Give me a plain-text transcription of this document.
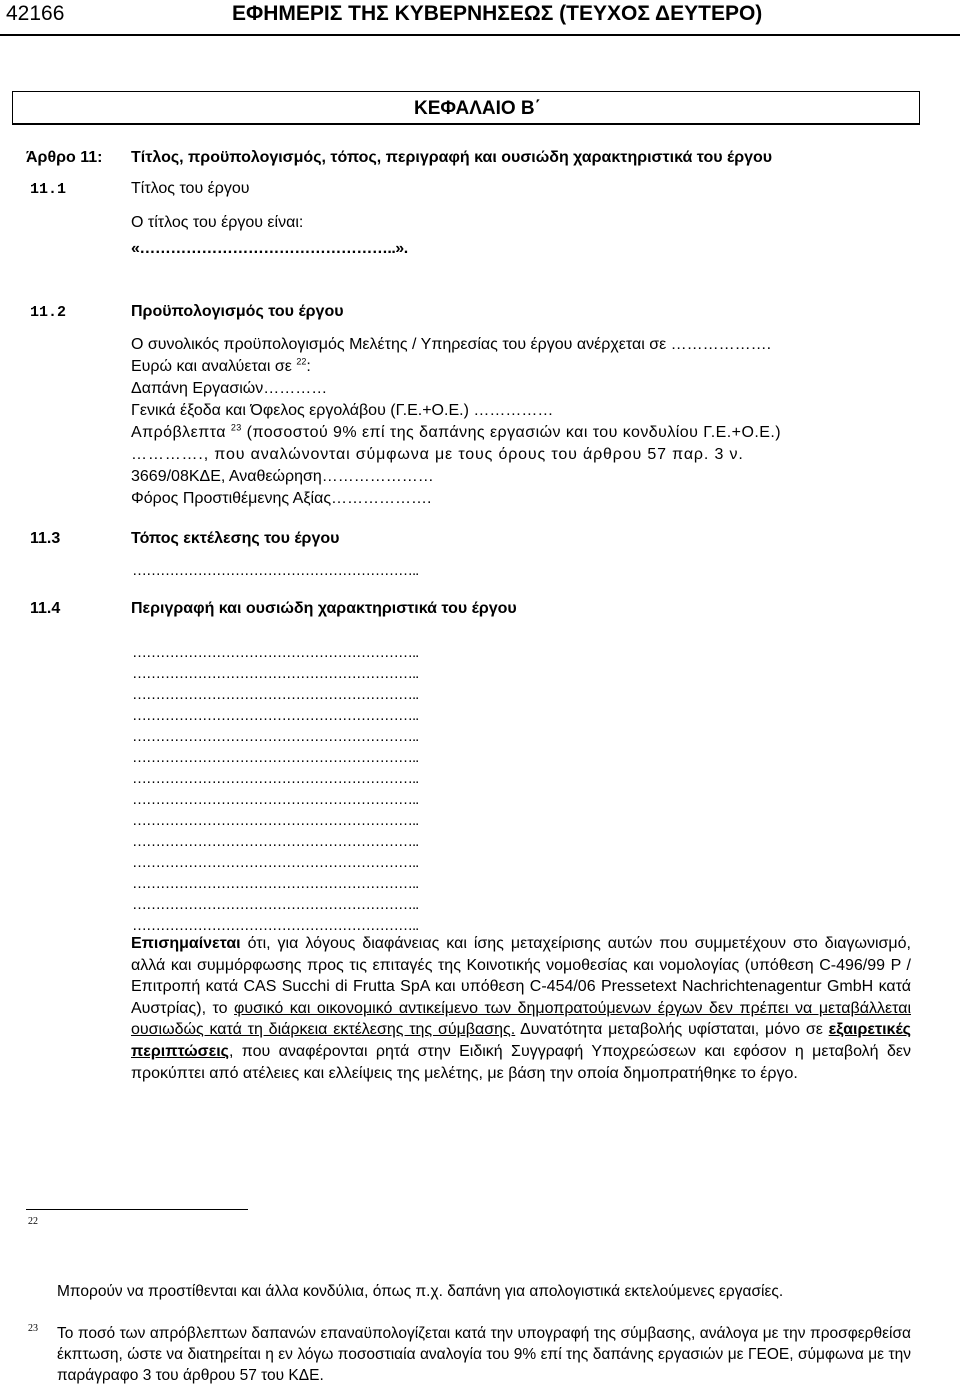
42166	ΕΦΗΜΕΡΙΣ ΤΗΣ ΚΥΒΕΡΝΗΣΕΩΣ (ΤΕΥΧΟΣ ΔΕΥΤΕΡΟ)
ΚΕΦΑΛΑΙΟ Β΄
Άρθρο 11: Τίτλος, προϋπολογισμός, τόπος, περιγραφή και ουσιώδη χαρακτηριστικά του έργου
11.1	Τίτλος του έργου
Ο τίτλος του έργου είναι:
«…………………………………………..».
11.2	Προϋπολογισμός του έργου
Ο συνολικός προϋπολογισμός Μελέτης / Υπηρεσίας του έργου ανέρχεται σε ……………….
Ευρώ και αναλύεται σε $^{22}$:
Δαπάνη Εργασιών…………
Γενικά έξοδα και Όφελος εργολάβου (Γ.Ε.+Ο.Ε.) ……………
Απρόβλεπτα $^{23}$ (ποσοστού 9% επί της δαπάνης εργασιών και του κονδυλίου Γ.Ε.+Ο.Ε.)
…………., που αναλώνονται σύμφωνα με τους όρους του άρθρου 57 παρ. 3 ν.
3669/08ΚΔΕ, Αναθεώρηση…………………
Φόρος Προστιθέμενης Αξίας……………….
11.3	Τόπος εκτέλεσης του έργου
……………………………………………………..
11.4	Περιγραφή και ουσιώδη χαρακτηριστικά του έργου
……………………………………………………..
……………………………………………………..
……………………………………………………..
……………………………………………………..
……………………………………………………..
……………………………………………………..
……………………………………………………..
……………………………………………………..
……………………………………………………..
……………………………………………………..
……………………………………………………..
……………………………………………………..
……………………………………………………..
……………………………………………………..
Επισημαίνεται ότι, για λόγους διαφάνειας και ίσης μεταχείρισης αυτών που συμμετέχουν στο διαγωνισμό, αλλά και συμμόρφωσης προς τις επιταγές της Κοινοτικής νομοθεσίας και νομολογίας (υπόθεση C-496/99 P / Επιτροπή κατά CAS Succhi di Frutta SpA και υπόθεση C-454/06 Pressetext Nachrichtenagentur GmbH κατά Αυστρίας), το φυσικό και οικονομικό αντικείμενο των δημοπρατούμενων έργων δεν πρέπει να μεταβάλλεται ουσιωδώς κατά τη διάρκεια εκτέλεσης της σύμβασης. Δυνατότητα μεταβολής υφίσταται, μόνο σε εξαιρετικές περιπτώσεις, που αναφέρονται ρητά στην Ειδική Συγγραφή Υποχρεώσεων και εφόσον η μεταβολή δεν προκύπτει από ατέλειες και ελλείψεις της μελέτης, με βάση την οποία δημοπρατήθηκε το έργο.
22
Μπορούν να προστίθενται και άλλα κονδύλια, όπως π.χ. δαπάνη για απολογιστικά εκτελούμενες εργασίες.
23 Το ποσό των απρόβλεπτων δαπανών επαναϋπολογίζεται κατά την υπογραφή της σύμβασης, ανάλογα με την προσφερθείσα έκπτωση, ώστε να διατηρείται η εν λόγω ποσοστιαία αναλογία του 9% επί της δαπάνης εργασιών με ΓΕΟΕ, σύμφωνα με την παράγραφο 3 του άρθρου 57 του ΚΔΕ.
